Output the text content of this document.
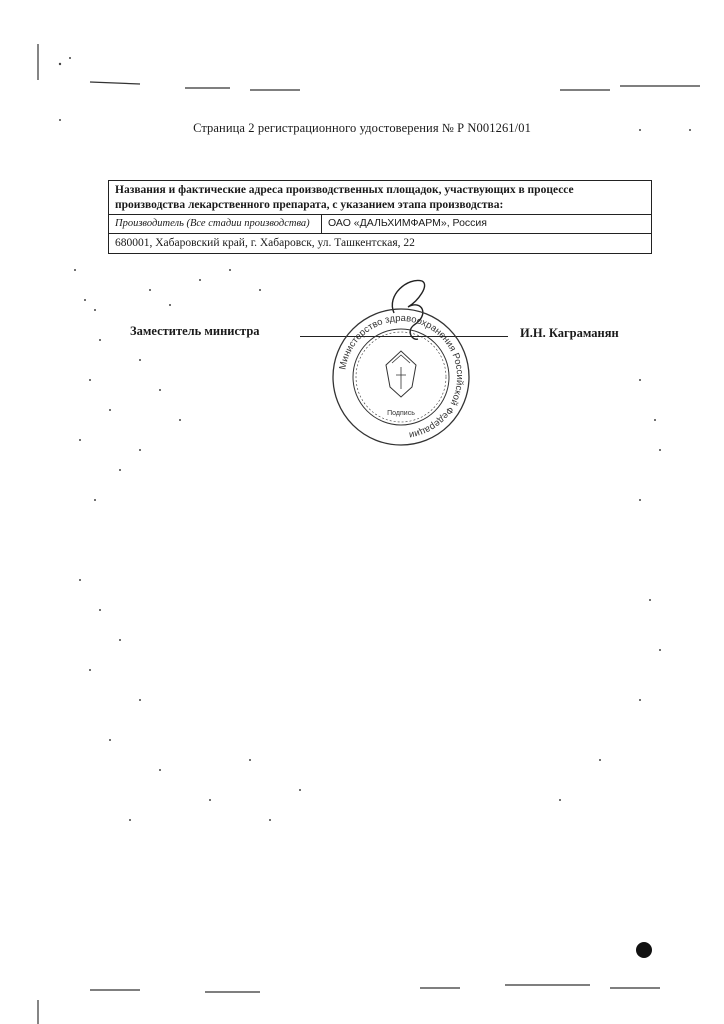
Страница 2 регистрационного удостоверения № Р N001261/01
Названия и фактические адреса производственных площадок, участвующих в процессе
производства лекарственного препарата, с указанием этапа производства:

Производитель (Все стадии производства)	ОАО «ДАЛЬХИМФАРМ», Россия
680001, Хабаровский край, г. Хабаровск, ул. Ташкентская, 22
Заместитель министра	И.Н. Каграманян
Министерство здравоохранения Российской Федерации
Подпись
